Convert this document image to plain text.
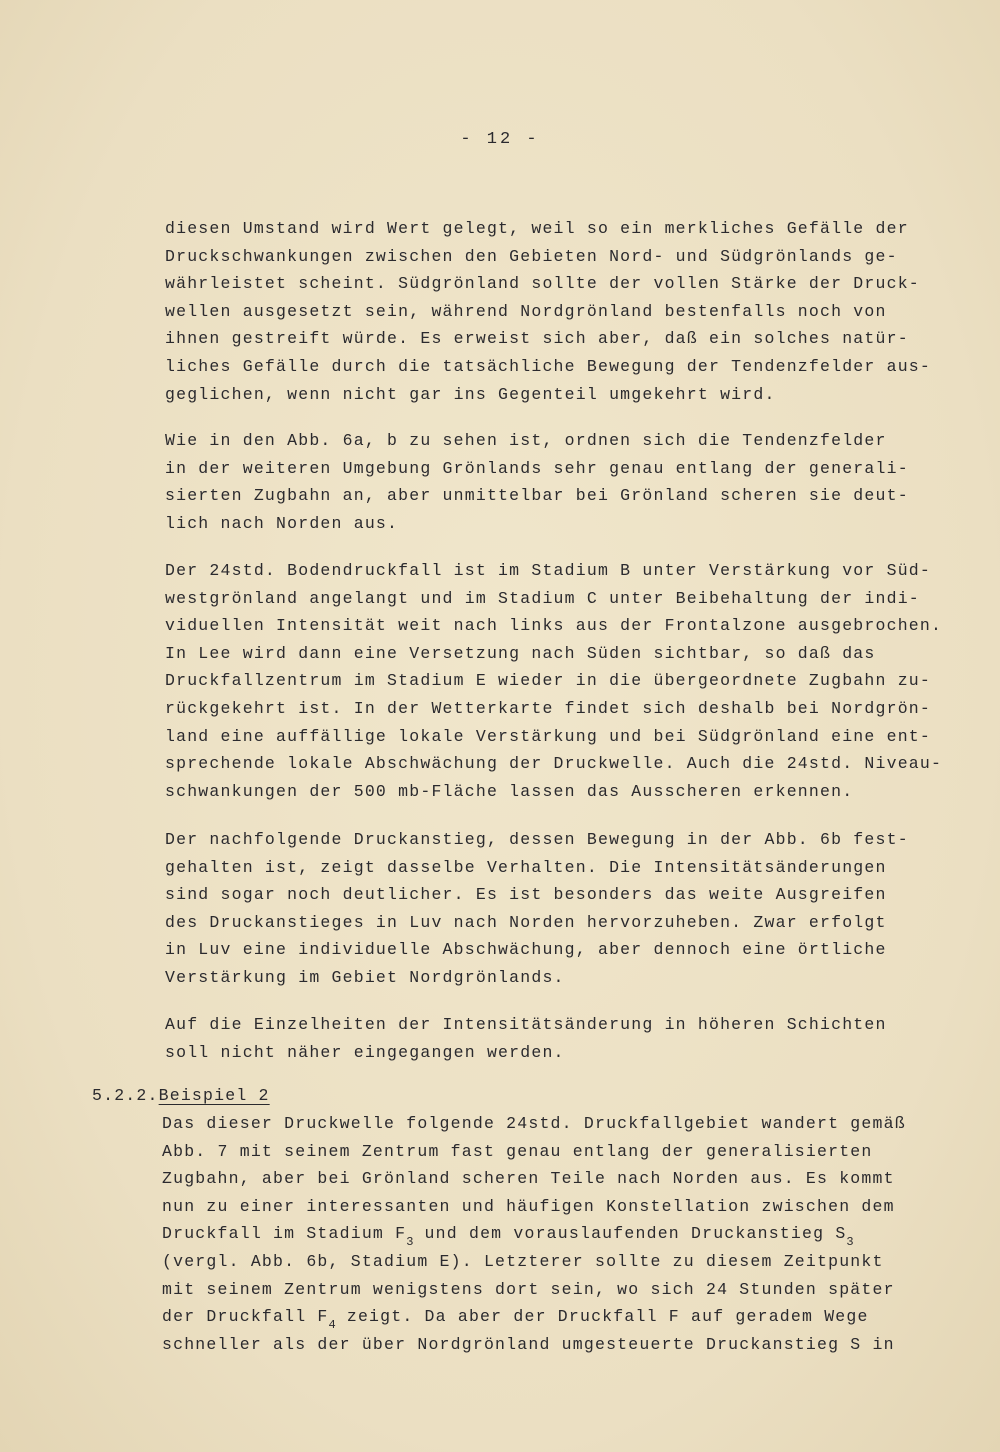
- 12 -
diesen Umstand wird Wert gelegt, weil so ein merkliches Gefälle der
Druckschwankungen zwischen den Gebieten Nord- und Südgrönlands ge-
währleistet scheint. Südgrönland sollte der vollen Stärke der Druck-
wellen ausgesetzt sein, während Nordgrönland bestenfalls noch von
ihnen gestreift würde. Es erweist sich aber, daß ein solches natür-
liches Gefälle durch die tatsächliche Bewegung der Tendenzfelder aus-
geglichen, wenn nicht gar ins Gegenteil umgekehrt wird.
Wie in den Abb. 6a, b zu sehen ist, ordnen sich die Tendenzfelder
in der weiteren Umgebung Grönlands sehr genau entlang der generali-
sierten Zugbahn an, aber unmittelbar bei Grönland scheren sie deut-
lich nach Norden aus.
Der 24std. Bodendruckfall ist im Stadium B unter Verstärkung vor Süd-
westgrönland angelangt und im Stadium C unter Beibehaltung der indi-
viduellen Intensität weit nach links aus der Frontalzone ausgebrochen.
In Lee wird dann eine Versetzung nach Süden sichtbar, so daß das
Druckfallzentrum im Stadium E wieder in die übergeordnete Zugbahn zu-
rückgekehrt ist. In der Wetterkarte findet sich deshalb bei Nordgrön-
land eine auffällige lokale Verstärkung und bei Südgrönland eine ent-
sprechende lokale Abschwächung der Druckwelle. Auch die 24std. Niveau-
schwankungen der 500 mb-Fläche lassen das Ausscheren erkennen.
Der nachfolgende Druckanstieg, dessen Bewegung in der Abb. 6b fest-
gehalten ist, zeigt dasselbe Verhalten. Die Intensitätsänderungen
sind sogar noch deutlicher. Es ist besonders das weite Ausgreifen
des Druckanstieges in Luv nach Norden hervorzuheben. Zwar erfolgt
in Luv eine individuelle Abschwächung, aber dennoch eine örtliche
Verstärkung im Gebiet Nordgrönlands.
Auf die Einzelheiten der Intensitätsänderung in höheren Schichten
soll nicht näher eingegangen werden.
5.2.2.Beispiel 2
Das dieser Druckwelle folgende 24std. Druckfallgebiet wandert gemäß
Abb. 7 mit seinem Zentrum fast genau entlang der generalisierten
Zugbahn, aber bei Grönland scheren Teile nach Norden aus. Es kommt
nun zu einer interessanten und häufigen Konstellation zwischen dem
Druckfall im Stadium $F_3$ und dem vorauslaufenden Druckanstieg $S_3$
(vergl. Abb. 6b, Stadium E). Letzterer sollte zu diesem Zeitpunkt
mit seinem Zentrum wenigstens dort sein, wo sich 24 Stunden später
der Druckfall $F_4$ zeigt. Da aber der Druckfall F auf geradem Wege
schneller als der über Nordgrönland umgesteuerte Druckanstieg S in
